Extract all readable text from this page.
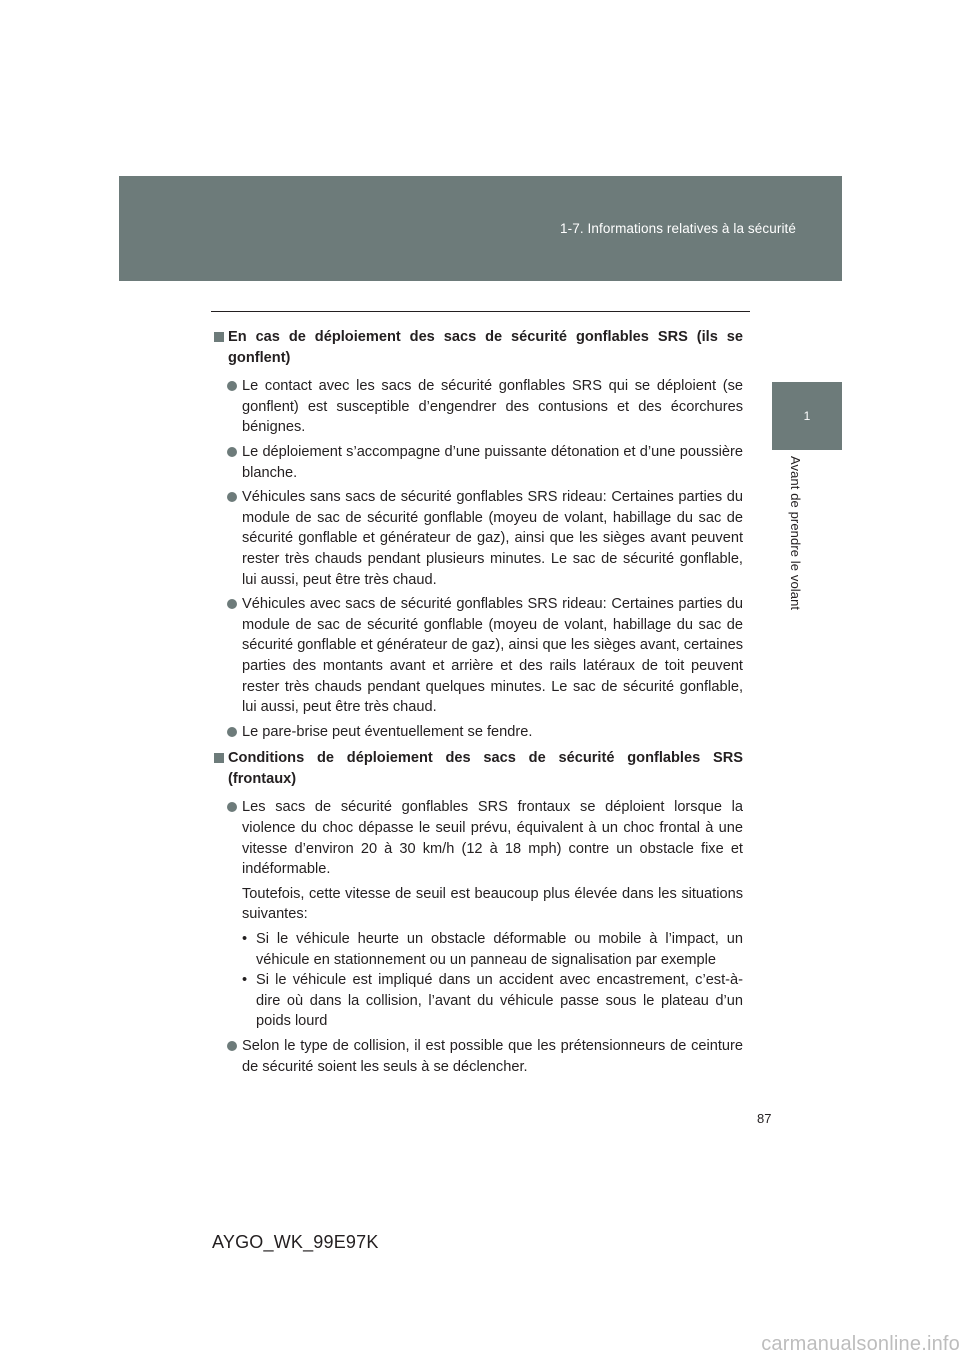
1-7. Informations relatives à la sécurité
1
Avant de prendre le volant
En cas de déploiement des sacs de sécurité gonflables SRS (ils se gonflent)
Le contact avec les sacs de sécurité gonflables SRS qui se déploient (se gonflent) est susceptible d’engendrer des contusions et des écorchures bénignes.
Le déploiement s’accompagne d’une puissante détonation et d’une poussière blanche.
Véhicules sans sacs de sécurité gonflables SRS rideau: Certaines parties du module de sac de sécurité gonflable (moyeu de volant, habillage du sac de sécurité gonflable et générateur de gaz), ainsi que les sièges avant peuvent rester très chauds pendant plusieurs minutes. Le sac de sécurité gonflable, lui aussi, peut être très chaud.
Véhicules avec sacs de sécurité gonflables SRS rideau: Certaines parties du module de sac de sécurité gonflable (moyeu de volant, habillage du sac de sécurité gonflable et générateur de gaz), ainsi que les sièges avant, certaines parties des montants avant et arrière et des rails latéraux de toit peuvent rester très chauds pendant quelques minutes. Le sac de sécurité gonflable, lui aussi, peut être très chaud.
Le pare-brise peut éventuellement se fendre.
Conditions de déploiement des sacs de sécurité gonflables SRS (frontaux)
Les sacs de sécurité gonflables SRS frontaux se déploient lorsque la violence du choc dépasse le seuil prévu, équivalent à un choc frontal à une vitesse d’environ 20 à 30 km/h (12 à 18 mph) contre un obstacle fixe et indéformable.
Toutefois, cette vitesse de seuil est beaucoup plus élevée dans les situations suivantes:
• Si le véhicule heurte un obstacle déformable ou mobile à l’impact, un véhicule en stationnement ou un panneau de signalisation par exemple
• Si le véhicule est impliqué dans un accident avec encastrement, c’est-à-dire où dans la collision, l’avant du véhicule passe sous le plateau d’un poids lourd
Selon le type de collision, il est possible que les prétensionneurs de ceinture de sécurité soient les seuls à se déclencher.
87
AYGO_WK_99E97K
carmanualsonline.info
